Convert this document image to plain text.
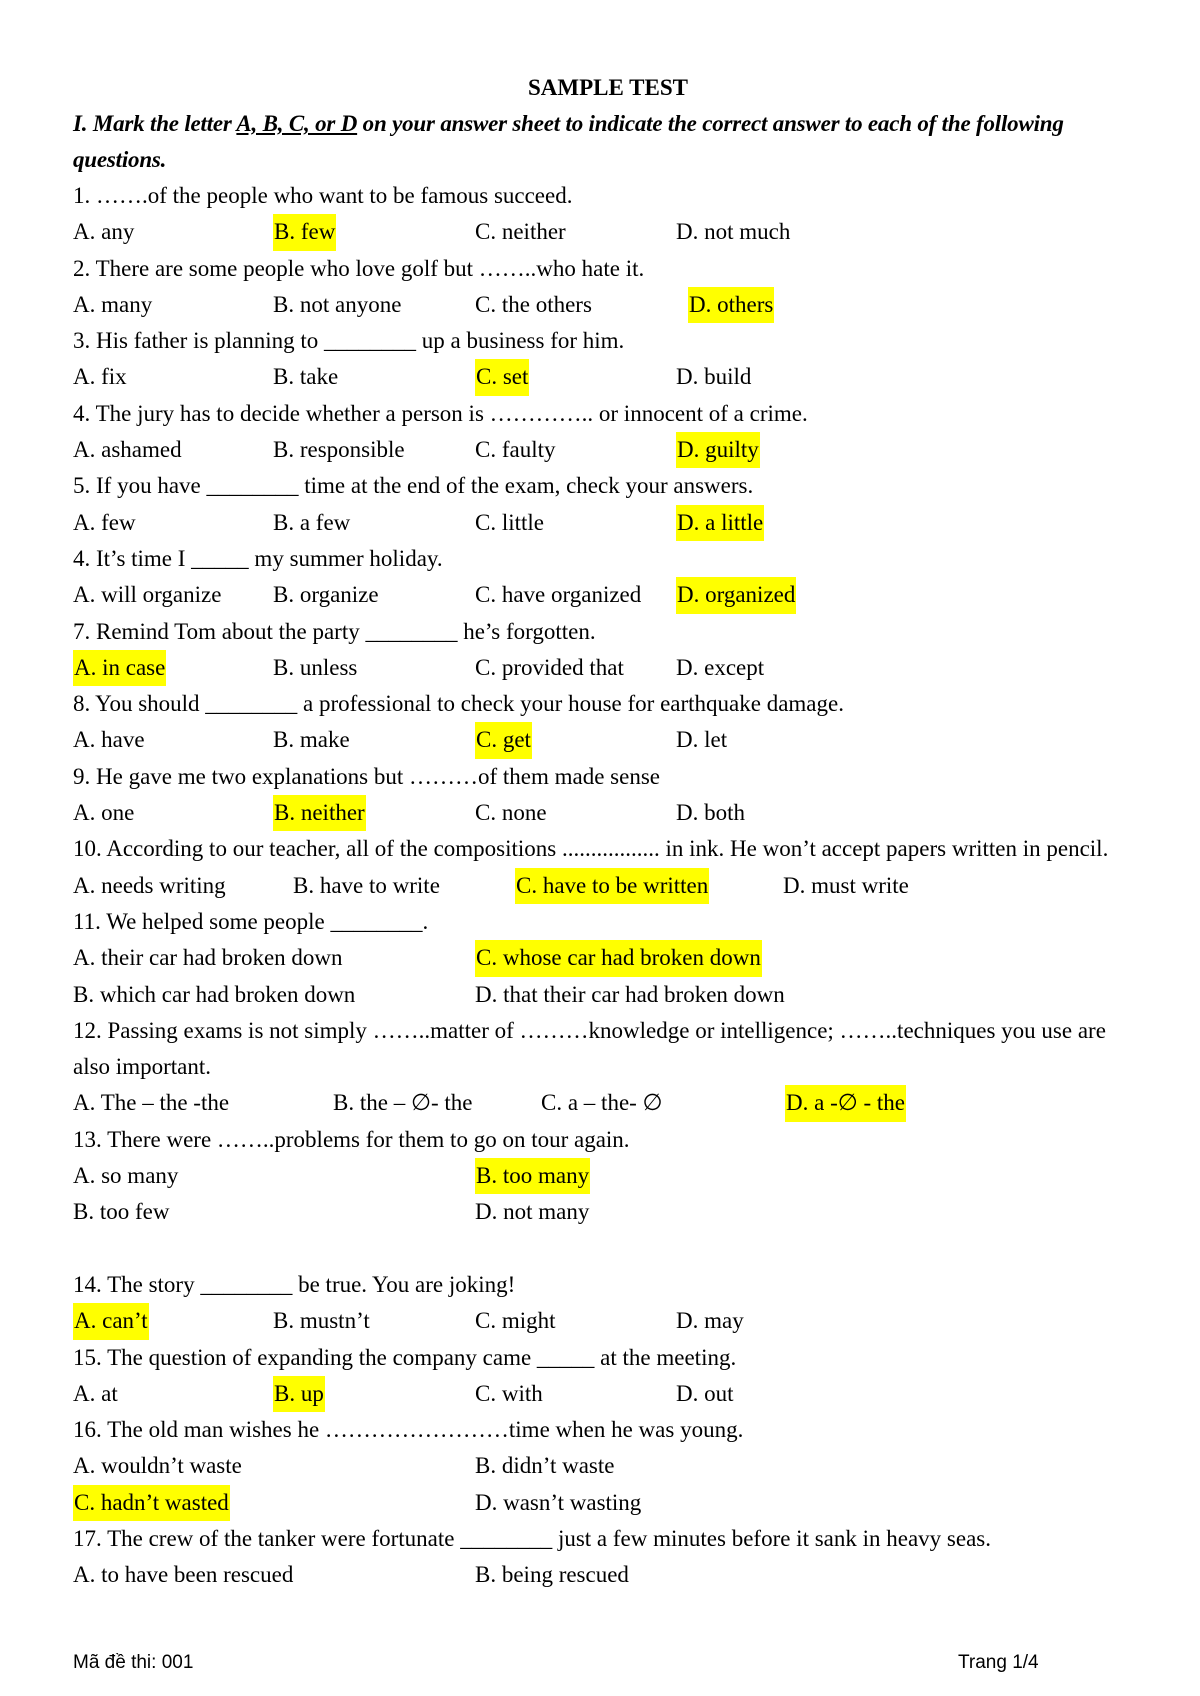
SAMPLE TEST
I. Mark the letter A, B, C, or D on your answer sheet to indicate the correct answer to each of the following questions.
1. …….of the people who want to be famous succeed.
A. any	B. few	C. neither	D. not much
2. There are some people who love golf but ……..who hate it.
A. many	B. not anyone	C. the others	D. others
3. His father is planning to ________ up a business for him.
A. fix	B. take	C. set	D. build
4. The jury has to decide whether a person is ………….. or innocent of a crime.
A. ashamed	B. responsible	C. faulty	D. guilty
5. If you have ________ time at the end of the exam, check your answers.
A. few	B. a few	C. little	D. a little
4. It’s time I _____ my summer holiday.
A. will organize B. organize	C. have organized D. organized
7. Remind Tom about the party ________ he’s forgotten.
A. in case	B. unless	C. provided that D. except
8. You should ________ a professional to check your house for earthquake damage.
A. have	B. make	C. get	D. let
9. He gave me two explanations but ………of them made sense
A. one	B. neither	C. none	D. both
10. According to our teacher, all of the compositions ................. in ink. He won’t accept papers written in pencil.
A. needs writing	B. have to write	C. have to be written	D. must write
11. We helped some people ________.
A. their car had broken down	C. whose car had broken down
B. which car had broken down	D. that their car had broken down
12. Passing exams is not simply ……..matter of ………knowledge or intelligence; ……..techniques you use are also important.
A. The – the -the	B. the – ∅- the	C. a – the- ∅	D. a -∅ - the
13. There were ……..problems for them to go on tour again.
A. so many	B. too many
B. too few	D. not many
14. The story ________ be true. You are joking!
A. can’t	B. mustn’t	C. might	D. may
15. The question of expanding the company came _____ at the meeting.
A. at	B. up	C. with	D. out
16. The old man wishes he ……………………time when he was young.
A. wouldn’t waste	B. didn’t waste
C. hadn’t wasted	D. wasn’t wasting
17. The crew of the tanker were fortunate ________ just a few minutes before it sank in heavy seas.
A. to have been rescued	B. being rescued
Mã đề thi: 001	Trang 1/4
